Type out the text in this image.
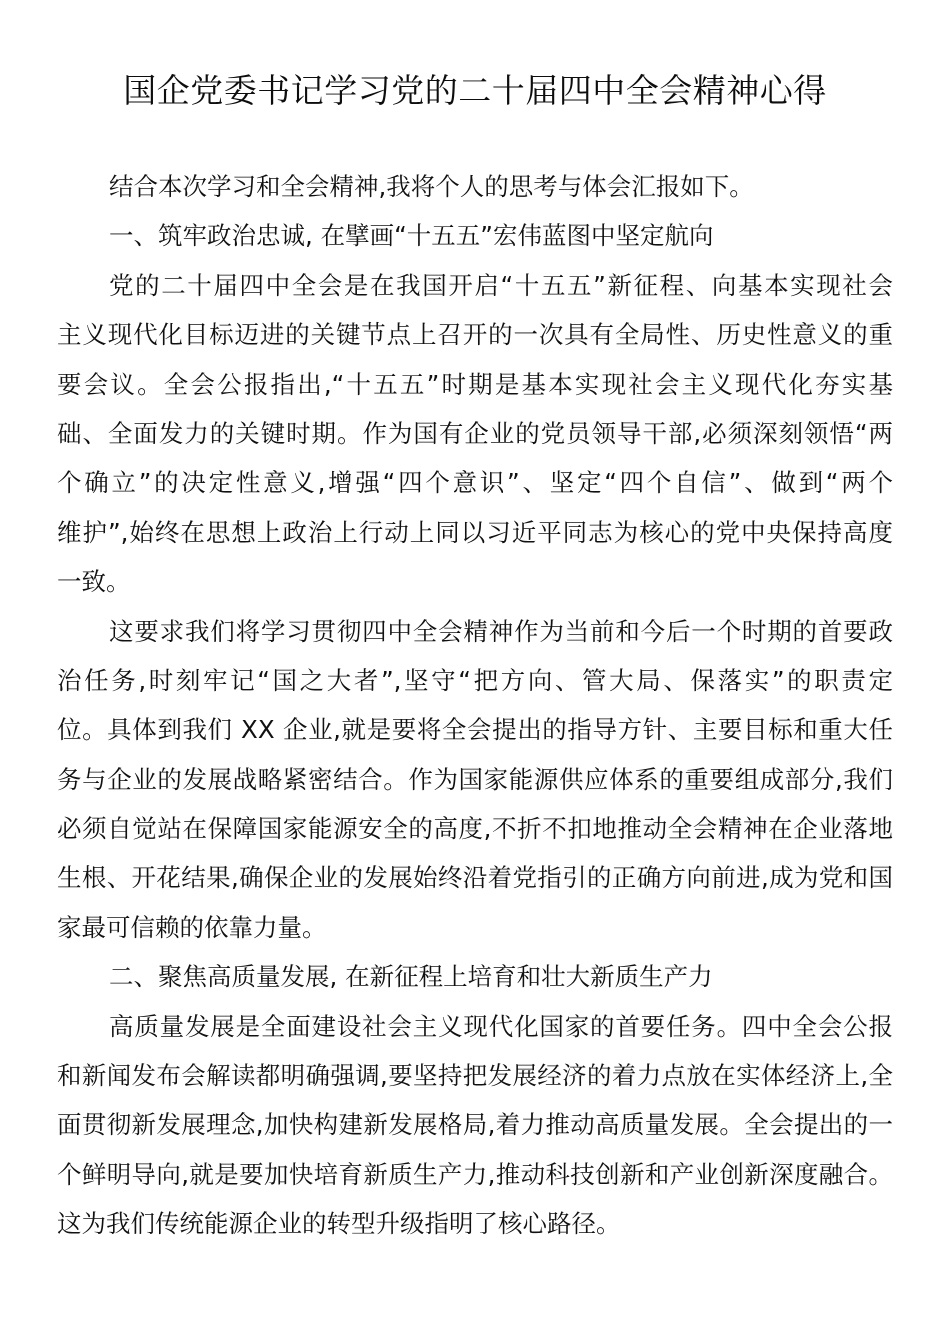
国企党委书记学习党的二十届四中全会精神心得
结合本次学习和全会精神,我将个人的思考与体会汇报如下。
一、筑牢政治忠诚, 在擘画“十五五”宏伟蓝图中坚定航向
党的二十届四中全会是在我国开启“十五五”新征程、向基本实现社会
主义现代化目标迈进的关键节点上召开的一次具有全局性、历史性意义的重
要会议。全会公报指出,“十五五”时期是基本实现社会主义现代化夯实基
础、全面发力的关键时期。作为国有企业的党员领导干部,必须深刻领悟“两
个确立”的决定性意义,增强“四个意识”、坚定“四个自信”、做到“两个
维护”,始终在思想上政治上行动上同以习近平同志为核心的党中央保持高度
一致。
这要求我们将学习贯彻四中全会精神作为当前和今后一个时期的首要政
治任务,时刻牢记“国之大者”,坚守“把方向、管大局、保落实”的职责定
位。具体到我们 XX 企业,就是要将全会提出的指导方针、主要目标和重大任
务与企业的发展战略紧密结合。作为国家能源供应体系的重要组成部分,我们
必须自觉站在保障国家能源安全的高度,不折不扣地推动全会精神在企业落地
生根、开花结果,确保企业的发展始终沿着党指引的正确方向前进,成为党和国
家最可信赖的依靠力量。
二、聚焦高质量发展, 在新征程上培育和壮大新质生产力
高质量发展是全面建设社会主义现代化国家的首要任务。四中全会公报
和新闻发布会解读都明确强调,要坚持把发展经济的着力点放在实体经济上,全
面贯彻新发展理念,加快构建新发展格局,着力推动高质量发展。全会提出的一
个鲜明导向,就是要加快培育新质生产力,推动科技创新和产业创新深度融合。
这为我们传统能源企业的转型升级指明了核心路径。
